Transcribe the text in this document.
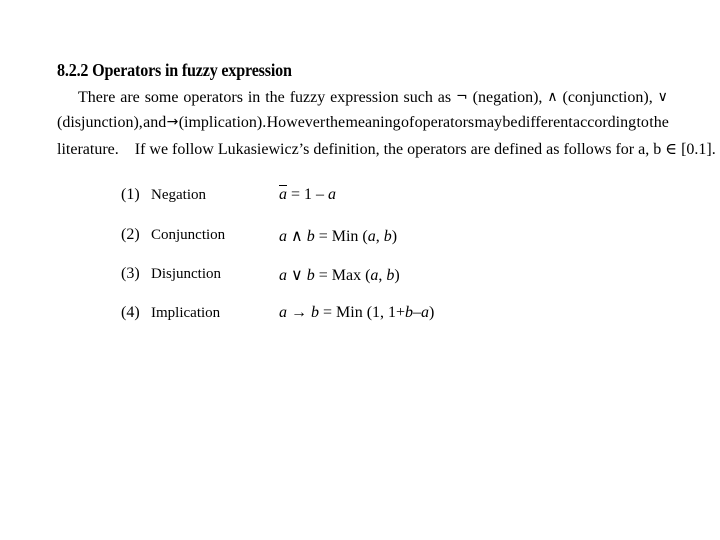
8.2.2 Operators in fuzzy expression
There are some operators in the fuzzy expression such as ¬ (negation), ∧ (conjunction), ∨
(disjunction), and → (implication). However the meaning of operators may be different according to the
literature.    If we follow Lukasiewicz’s definition, the operators are defined as follows for a, b ∈ [0.1].
(1) Negation	$\overline{a} = 1 - a$
(2) Conjunction	a ∧ b = Min (a, b)
(3) Disjunction	a ∨ b = Max (a, b)
(4) Implication	a → b = Min (1, 1+b–a)
